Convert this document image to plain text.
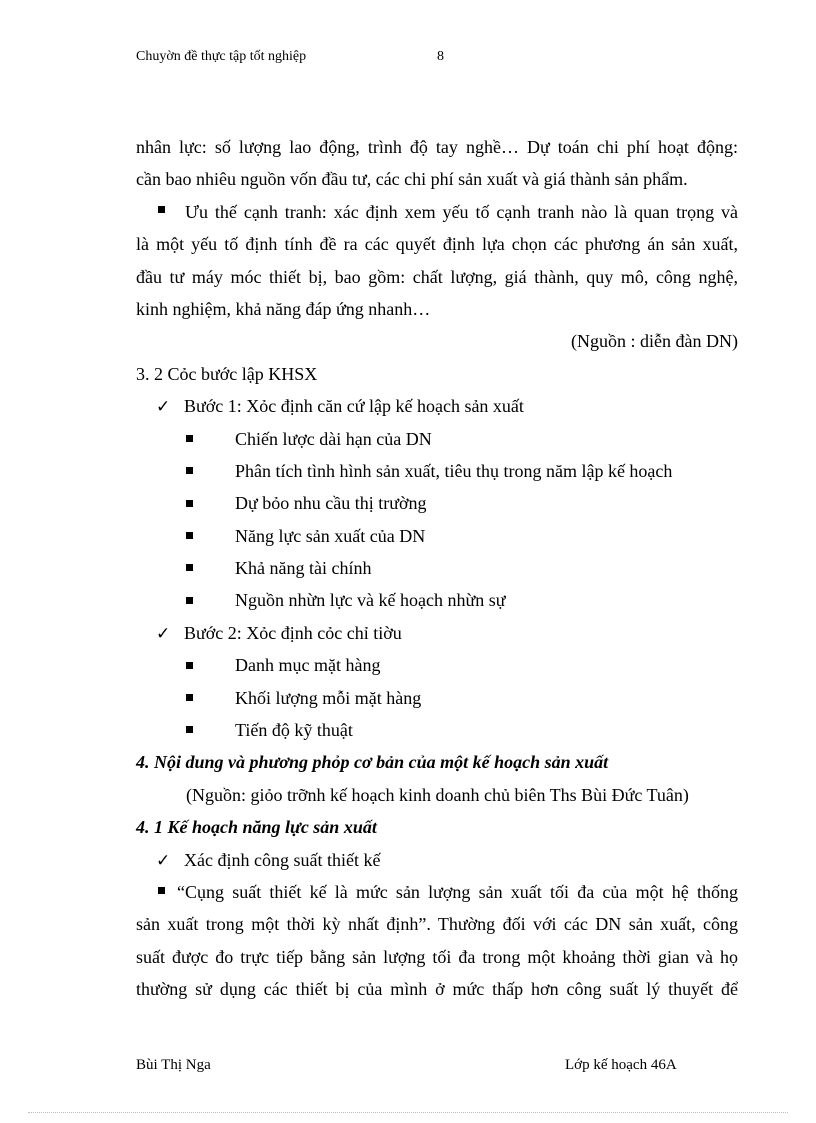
Chuyờn đề thực tập tốt nghiệp	8
nhân lực: số lượng lao động, trình độ tay nghề… Dự toán chi phí hoạt động:
cần bao nhiêu nguồn vốn đầu tư, các chi phí sản xuất và giá thành sản phẩm.
Ưu thế cạnh tranh: xác định xem yếu tố cạnh tranh nào là quan trọng và
là một yếu tố định tính đề ra các quyết định lựa chọn các phương án sản xuất,
đầu tư máy móc thiết bị, bao gồm: chất lượng, giá thành, quy mô, công nghệ,
kinh nghiệm, khả năng đáp ứng nhanh…
(Nguồn : diễn đàn DN)
3. 2 Cỏc bước lập KHSX
✓ Bước 1: Xỏc định căn cứ lập kế hoạch sản xuất
Chiến lược dài hạn của DN
Phân tích tình hình sản xuất, tiêu thụ trong năm lập kế hoạch
Dự bỏo nhu cầu thị trường
Năng lực sản xuất của DN
Khả năng tài chính
Nguồn nhừn lực và kế hoạch nhừn sự
✓ Bước 2: Xỏc định cỏc chỉ tiờu
Danh mục mặt hàng
Khối lượng mỗi mặt hàng
Tiến độ kỹ thuật
4. Nội dung và phương phỏp cơ bản của một kế hoạch sản xuất
(Nguồn: giỏo trỡnh kế hoạch kinh doanh chủ biên Ths Bùi Đức Tuân)
4. 1 Kế hoạch năng lực sản xuất
✓ Xác định công suất thiết kế
“Cụng suất thiết kế là mức sản lượng sản xuất tối đa của một hệ thống
sản xuất trong một thời kỳ nhất định”. Thường đối với các DN sản xuất, công
suất được đo trực tiếp bằng sản lượng tối đa trong một khoảng thời gian và họ
thường sử dụng các thiết bị của mình ở mức thấp hơn công suất lý thuyết để
Bùi Thị Nga	Lớp kế hoạch 46A
